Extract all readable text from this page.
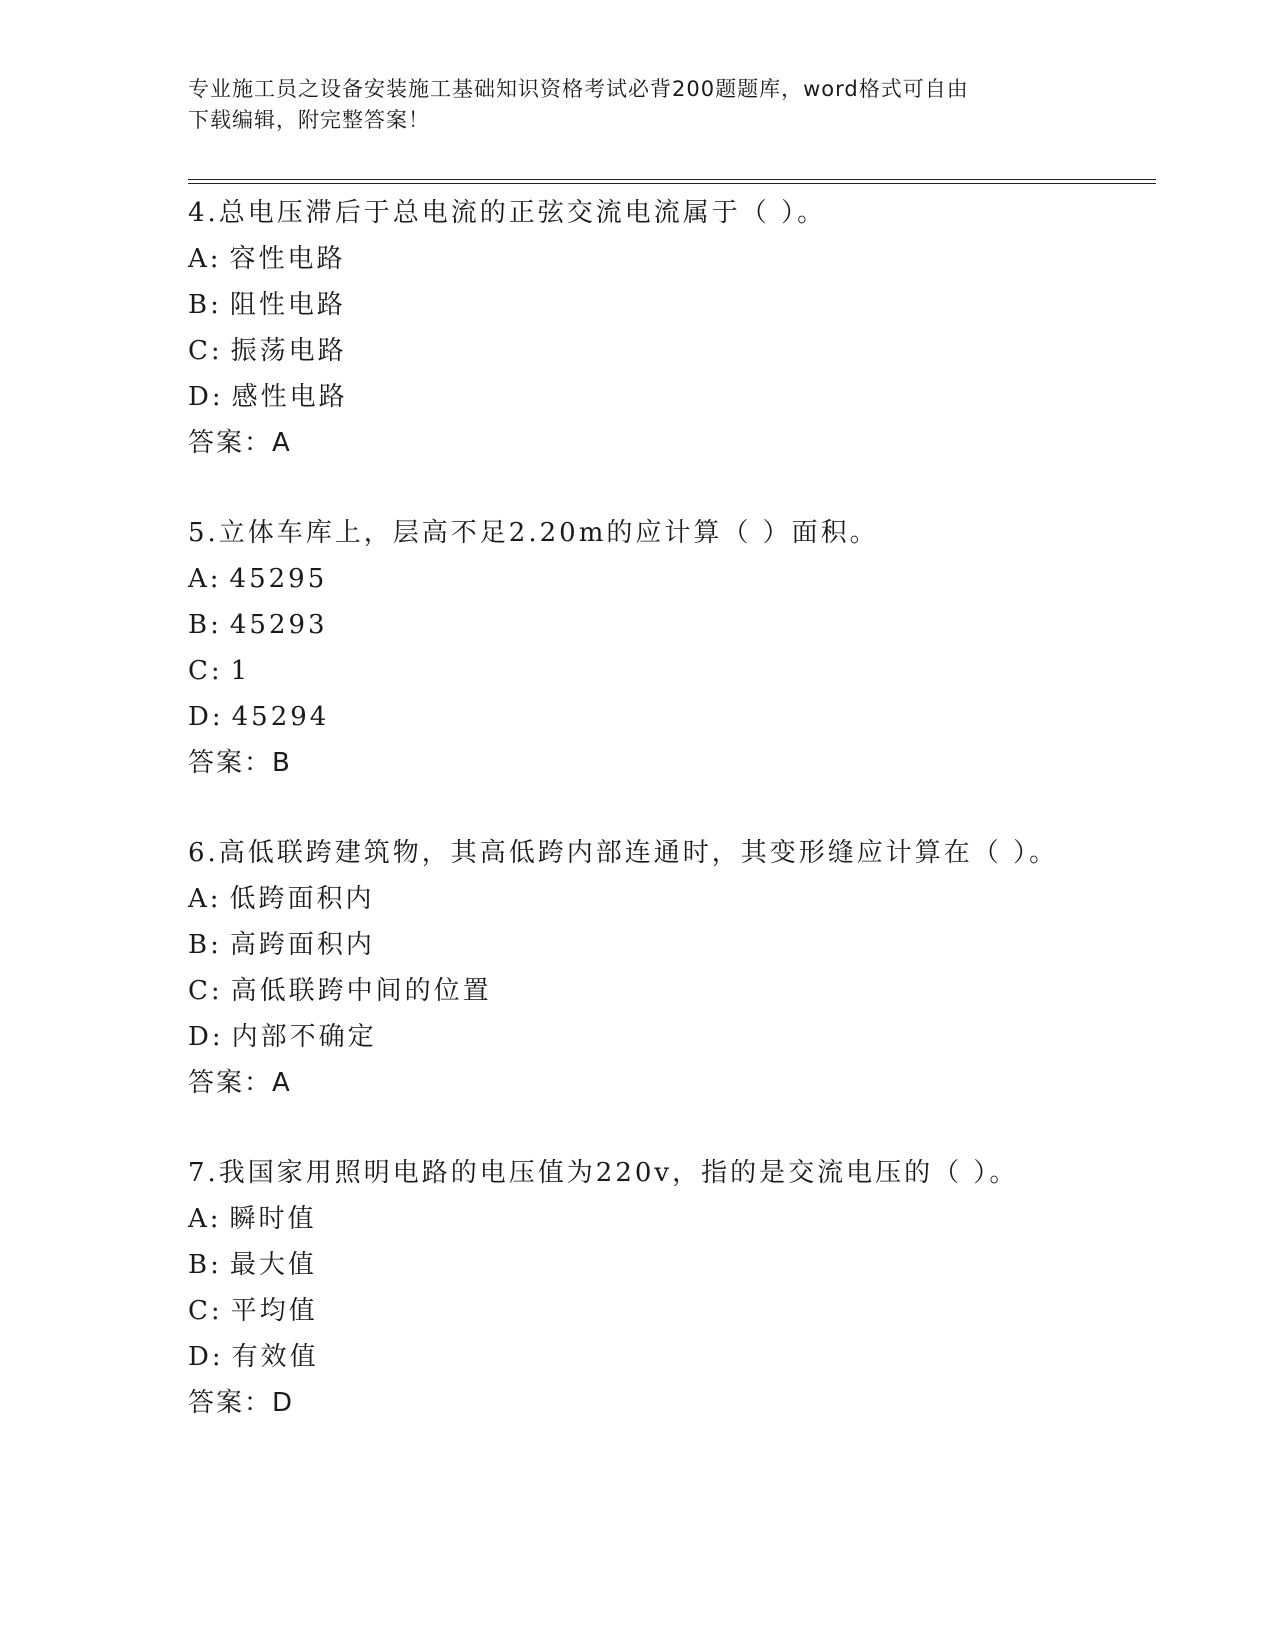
专业施工员之设备安装施工基础知识资格考试必背200题题库，word格式可自由
下载编辑，附完整答案！
4.总电压滞后于总电流的正弦交流电流属于（ ）。
A: 容性电路
B: 阻性电路
C: 振荡电路
D: 感性电路
答案：A
5.立体车库上，层高不足2.20m的应计算（ ）面积。
A: 45295
B: 45293
C: 1
D: 45294
答案：B
6.高低联跨建筑物，其高低跨内部连通时，其变形缝应计算在（ ）。
A: 低跨面积内
B: 高跨面积内
C: 高低联跨中间的位置
D: 内部不确定
答案：A
7.我国家用照明电路的电压值为220v，指的是交流电压的（ ）。
A: 瞬时值
B: 最大值
C: 平均值
D: 有效值
答案：D
